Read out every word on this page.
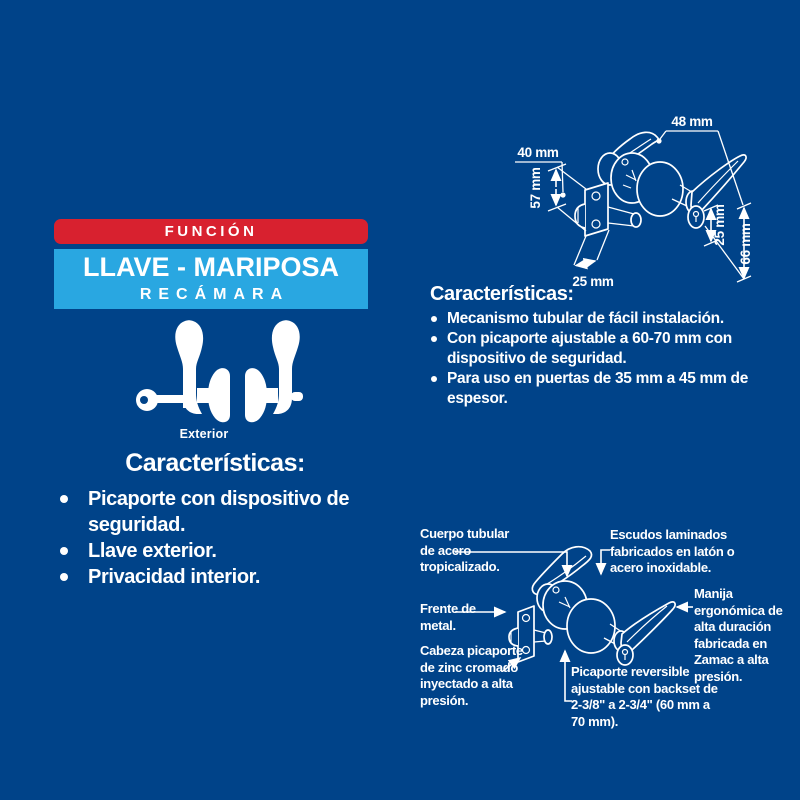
FUNCIÓN
LLAVE - MARIPOSA
RECÁMARA
Exterior
Características:
Picaporte con dispositivo de seguridad.
Llave exterior.
Privacidad interior.
48 mm
40 mm
57 mm
25 mm
25 mm 66 mm
Características:
Mecanismo tubular de fácil instalación.
Con picaporte ajustable a 60-70 mm con dispositivo de seguridad.
Para uso en puertas de 35 mm a 45 mm de espesor.
Cuerpo tubular de acero tropicalizado.
Escudos laminados fabricados en latón o acero inoxidable.
Frente de metal.
Manija ergonómica de alta duración fabricada en Zamac a alta presión.
Cabeza picaporte de zinc cromado inyectado a alta presión.
Picaporte reversible ajustable con backset de 2-3/8" a 2-3/4" (60 mm a 70 mm).
